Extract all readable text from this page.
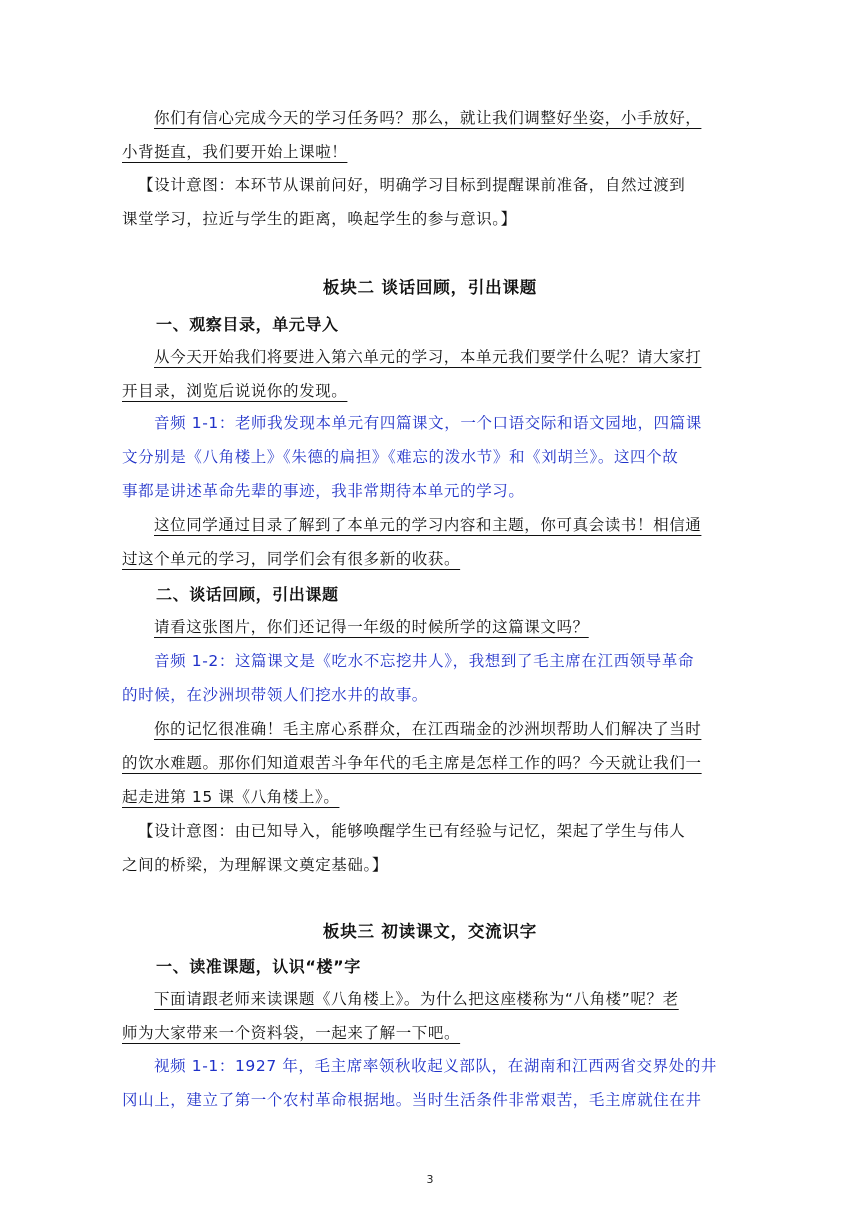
你们有信心完成今天的学习任务吗？那么，就让我们调整好坐姿，小手放好，
小背挺直，我们要开始上课啦！
【设计意图：本环节从课前问好，明确学习目标到提醒课前准备，自然过渡到
课堂学习，拉近与学生的距离，唤起学生的参与意识。】
板块二 谈话回顾，引出课题
一、观察目录，单元导入
从今天开始我们将要进入第六单元的学习，本单元我们要学什么呢？请大家打
开目录，浏览后说说你的发现。
音频 1-1：老师我发现本单元有四篇课文，一个口语交际和语文园地，四篇课
文分别是《八角楼上》《朱德的扁担》《难忘的泼水节》和《刘胡兰》。这四个故
事都是讲述革命先辈的事迹，我非常期待本单元的学习。
这位同学通过目录了解到了本单元的学习内容和主题，你可真会读书！相信通
过这个单元的学习，同学们会有很多新的收获。
二、谈话回顾，引出课题
请看这张图片，你们还记得一年级的时候所学的这篇课文吗？
音频 1-2：这篇课文是《吃水不忘挖井人》，我想到了毛主席在江西领导革命
的时候，在沙洲坝带领人们挖水井的故事。
你的记忆很准确！毛主席心系群众，在江西瑞金的沙洲坝帮助人们解决了当时
的饮水难题。那你们知道艰苦斗争年代的毛主席是怎样工作的吗？今天就让我们一
起走进第 15 课《八角楼上》。
【设计意图：由已知导入，能够唤醒学生已有经验与记忆，架起了学生与伟人
之间的桥梁，为理解课文奠定基础。】
板块三 初读课文，交流识字
一、读准课题，认识“楼”字
下面请跟老师来读课题《八角楼上》。为什么把这座楼称为“八角楼”呢？老
师为大家带来一个资料袋，一起来了解一下吧。
视频 1-1：1927 年，毛主席率领秋收起义部队，在湖南和江西两省交界处的井
冈山上，建立了第一个农村革命根据地。当时生活条件非常艰苦，毛主席就住在井
3
